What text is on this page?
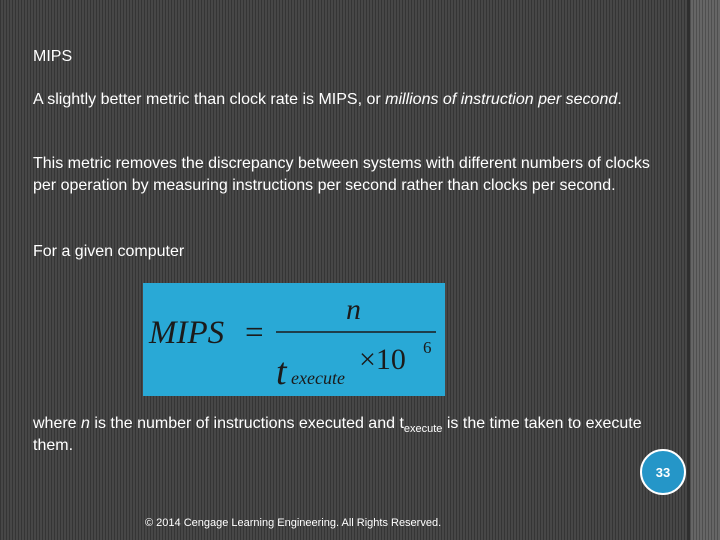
MIPS
A slightly better metric than clock rate is MIPS, or millions of instruction per second.
This metric removes the discrepancy between systems with different numbers of clocks per operation by measuring instructions per second rather than clocks per second.
For a given computer
MIPS =
n
t execute
×10 6
where n is the number of instructions executed and $t_{execute}$ is the time taken to execute them.
33
© 2014 Cengage Learning Engineering. All Rights Reserved.
